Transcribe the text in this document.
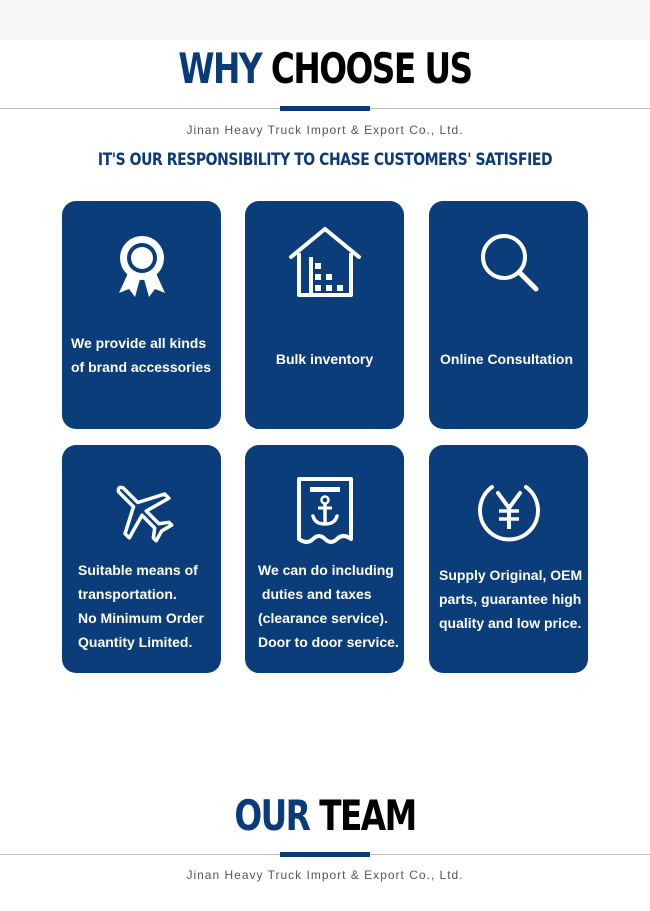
WHY CHOOSE US
Jinan Heavy Truck Import & Export Co., Ltd.
IT'S OUR RESPONSIBILITY TO CHASE CUSTOMERS' SATISFIED
We provide all kinds
of brand accessories	Bulk inventory	Online Consultation
Suitable means of
transportation.
No Minimum Order
Quantity Limited.
We can do including
duties and taxes
(clearance service).
Door to door service.
Supply Original, OEM
parts, guarantee high
quality and low price.
OUR TEAM
Jinan Heavy Truck Import & Export Co., Ltd.
